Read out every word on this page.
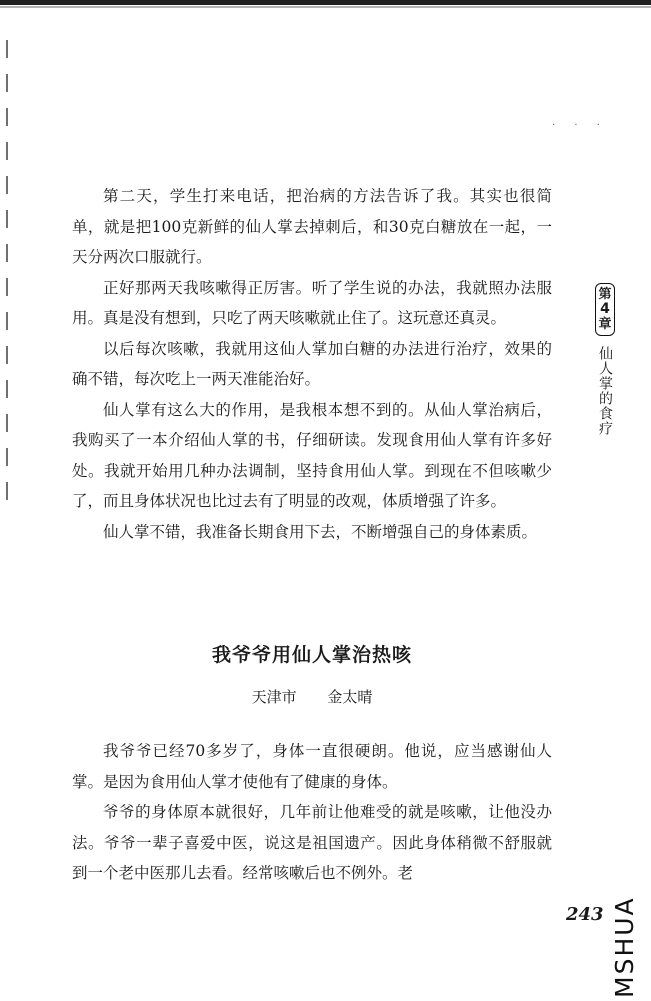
· · ·

第二天，学生打来电话，把治病的方法告诉了我。其实也很简单，就是把100克新鲜的仙人掌去掉刺后，和30克白糖放在一起，一天分两次口服就行。

正好那两天我咳嗽得正厉害。听了学生说的办法，我就照办法服用。真是没有想到，只吃了两天咳嗽就止住了。这玩意还真灵。

以后每次咳嗽，我就用这仙人掌加白糖的办法进行治疗，效果的确不错，每次吃上一两天准能治好。

仙人掌有这么大的作用，是我根本想不到的。从仙人掌治病后，我购买了一本介绍仙人掌的书，仔细研读。发现食用仙人掌有许多好处。我就开始用几种办法调制，坚持食用仙人掌。到现在不但咳嗽少了，而且身体状况也比过去有了明显的改观，体质增强了许多。

仙人掌不错，我准备长期食用下去，不断增强自己的身体素质。

我爷爷用仙人掌治热咳
天津市 金太晴

我爷爷已经70多岁了，身体一直很硬朗。他说，应当感谢仙人掌。是因为食用仙人掌才使他有了健康的身体。

爷爷的身体原本就很好，几年前让他难受的就是咳嗽，让他没办法。爷爷一辈子喜爱中医，说这是祖国遗产。因此身体稍微不舒服就到一个老中医那儿去看。经常咳嗽后也不例外。老

第
4
章
仙人掌的食疗
243 MSHUA
